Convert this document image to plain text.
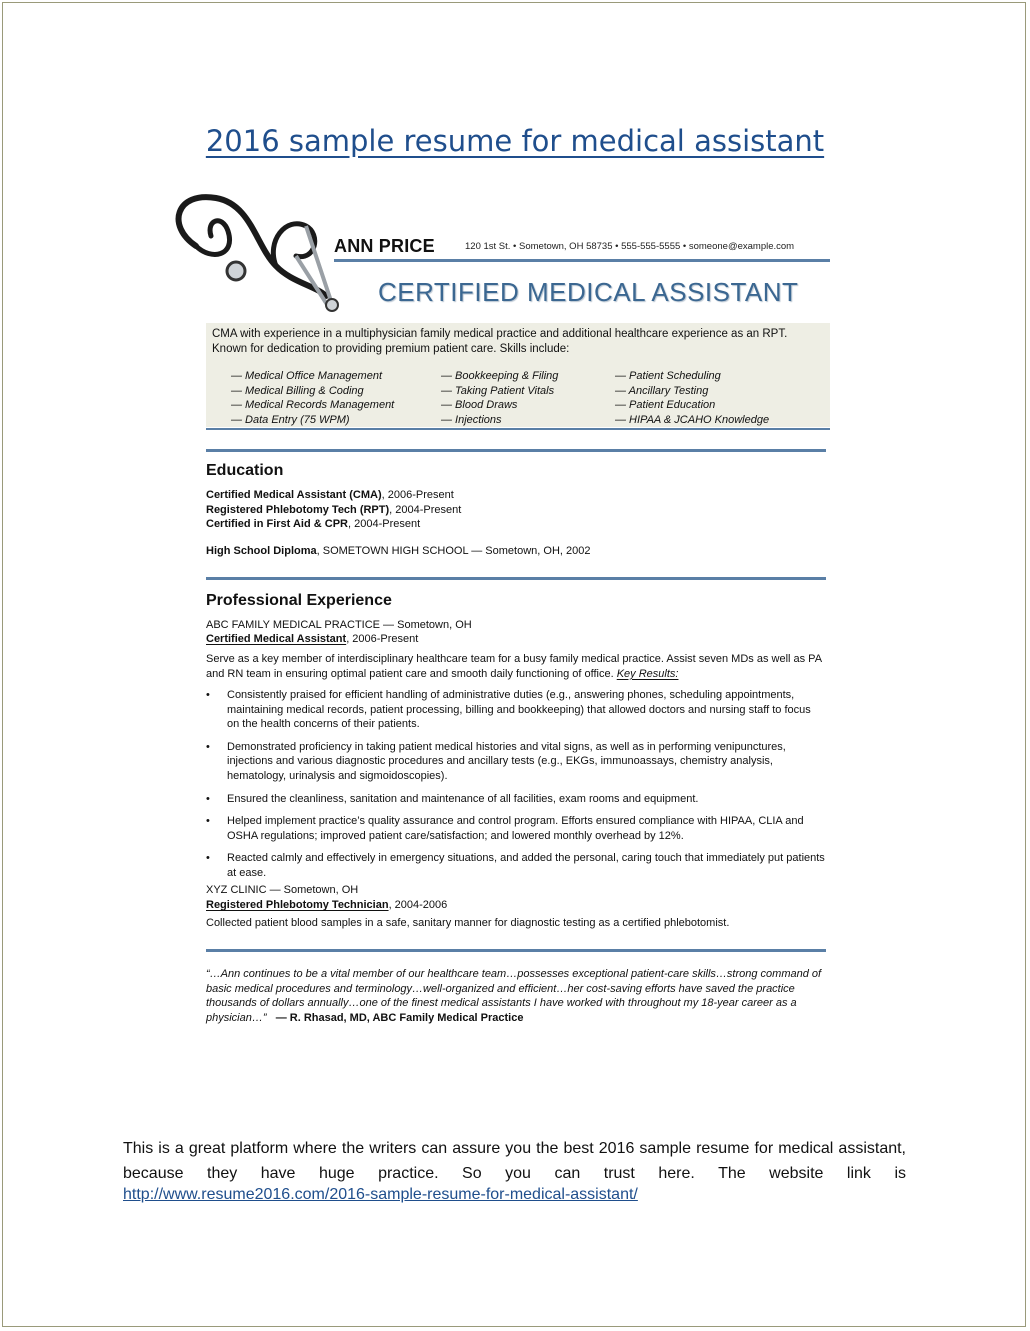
2016 sample resume for medical assistant
ANN PRICE	120 1st St. • Sometown, OH 58735 • 555-555-5555 • someone@example.com
CERTIFIED MEDICAL ASSISTANT
CMA with experience in a multiphysician family medical practice and additional healthcare experience as an RPT. Known for dedication to providing premium patient care. Skills include:
— Medical Office Management
— Medical Billing & Coding
— Medical Records Management
— Data Entry (75 WPM)
— Bookkeeping & Filing
— Taking Patient Vitals
— Blood Draws
— Injections
— Patient Scheduling
— Ancillary Testing
— Patient Education
— HIPAA & JCAHO Knowledge
Education
Certified Medical Assistant (CMA), 2006-Present
Registered Phlebotomy Tech (RPT), 2004-Present
Certified in First Aid & CPR, 2004-Present
High School Diploma, SOMETOWN HIGH SCHOOL — Sometown, OH, 2002
Professional Experience
ABC FAMILY MEDICAL PRACTICE — Sometown, OH
Certified Medical Assistant, 2006-Present
Serve as a key member of interdisciplinary healthcare team for a busy family medical practice. Assist seven MDs as well as PA and RN team in ensuring optimal patient care and smooth daily functioning of office. Key Results:
• Consistently praised for efficient handling of administrative duties (e.g., answering phones, scheduling appointments, maintaining medical records, patient processing, billing and bookkeeping) that allowed doctors and nursing staff to focus on the health concerns of their patients.
• Demonstrated proficiency in taking patient medical histories and vital signs, as well as in performing venipunctures, injections and various diagnostic procedures and ancillary tests (e.g., EKGs, immunoassays, chemistry analysis, hematology, urinalysis and sigmoidoscopies).
• Ensured the cleanliness, sanitation and maintenance of all facilities, exam rooms and equipment.
• Helped implement practice’s quality assurance and control program. Efforts ensured compliance with HIPAA, CLIA and OSHA regulations; improved patient care/satisfaction; and lowered monthly overhead by 12%.
• Reacted calmly and effectively in emergency situations, and added the personal, caring touch that immediately put patients at ease.
XYZ CLINIC — Sometown, OH
Registered Phlebotomy Technician, 2004-2006
Collected patient blood samples in a safe, sanitary manner for diagnostic testing as a certified phlebotomist.
“…Ann continues to be a vital member of our healthcare team…possesses exceptional patient-care skills…strong command of basic medical procedures and terminology…well-organized and efficient…her cost-saving efforts have saved the practice thousands of dollars annually…one of the finest medical assistants I have worked with throughout my 18-year career as a physician…” — R. Rhasad, MD, ABC Family Medical Practice
This is a great platform where the writers can assure you the best 2016 sample resume for medical assistant, because they have huge practice. So you can trust here. The website link is
http://www.resume2016.com/2016-sample-resume-for-medical-assistant/
